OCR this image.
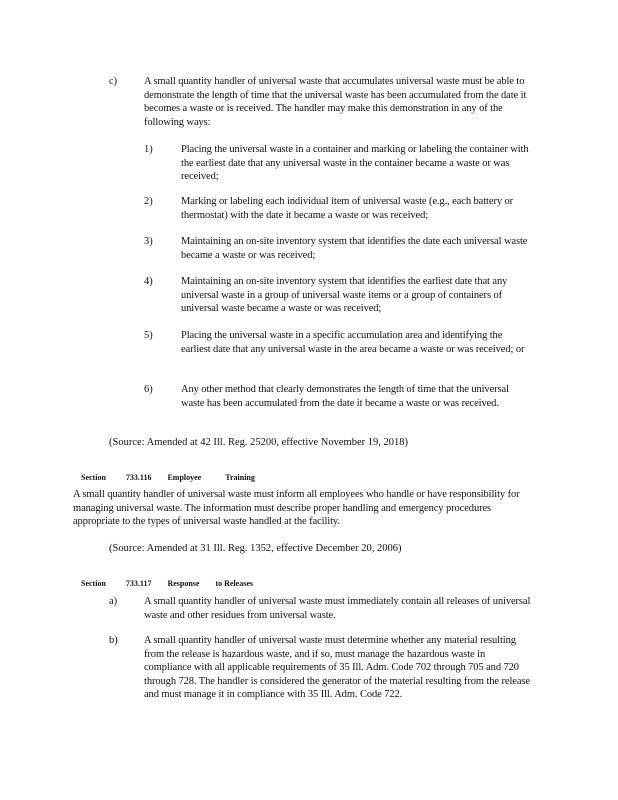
c)	A small quantity handler of universal waste that accumulates universal waste must be able to demonstrate the length of time that the universal waste has been accumulated from the date it becomes a waste or is received. The handler may make this demonstration in any of the following ways:
1)	Placing the universal waste in a container and marking or labeling the container with the earliest date that any universal waste in the container became a waste or was received;
2)	Marking or labeling each individual item of universal waste (e.g., each battery or thermostat) with the date it became a waste or was received;
3)	Maintaining an on-site inventory system that identifies the date each universal waste became a waste or was received;
4)	Maintaining an on-site inventory system that identifies the earliest date that any universal waste in a group of universal waste items or a group of containers of universal waste became a waste or was received;
5)	Placing the universal waste in a specific accumulation area and identifying the earliest date that any universal waste in the area became a waste or was received; or
6)	Any other method that clearly demonstrates the length of time that the universal waste has been accumulated from the date it became a waste or was received.
(Source: Amended at 42 Ill. Reg. 25200, effective November 19, 2018)

Section	733.116 Employee	Training

A small quantity handler of universal waste must inform all employees who handle or have responsibility for managing universal waste. The information must describe proper handling and emergency procedures appropriate to the types of universal waste handled at the facility.
(Source: Amended at 31 Ill. Reg. 1352, effective December 20, 2006)

Section	733.117 Response to Releases

a)	A small quantity handler of universal waste must immediately contain all releases of universal waste and other residues from universal waste.
b)	A small quantity handler of universal waste must determine whether any material resulting from the release is hazardous waste, and if so, must manage the hazardous waste in compliance with all applicable requirements of 35 Ill. Adm. Code 702 through 705 and 720 through 728. The handler is considered the generator of the material resulting from the release and must manage it in compliance with 35 Ill. Adm. Code 722.
